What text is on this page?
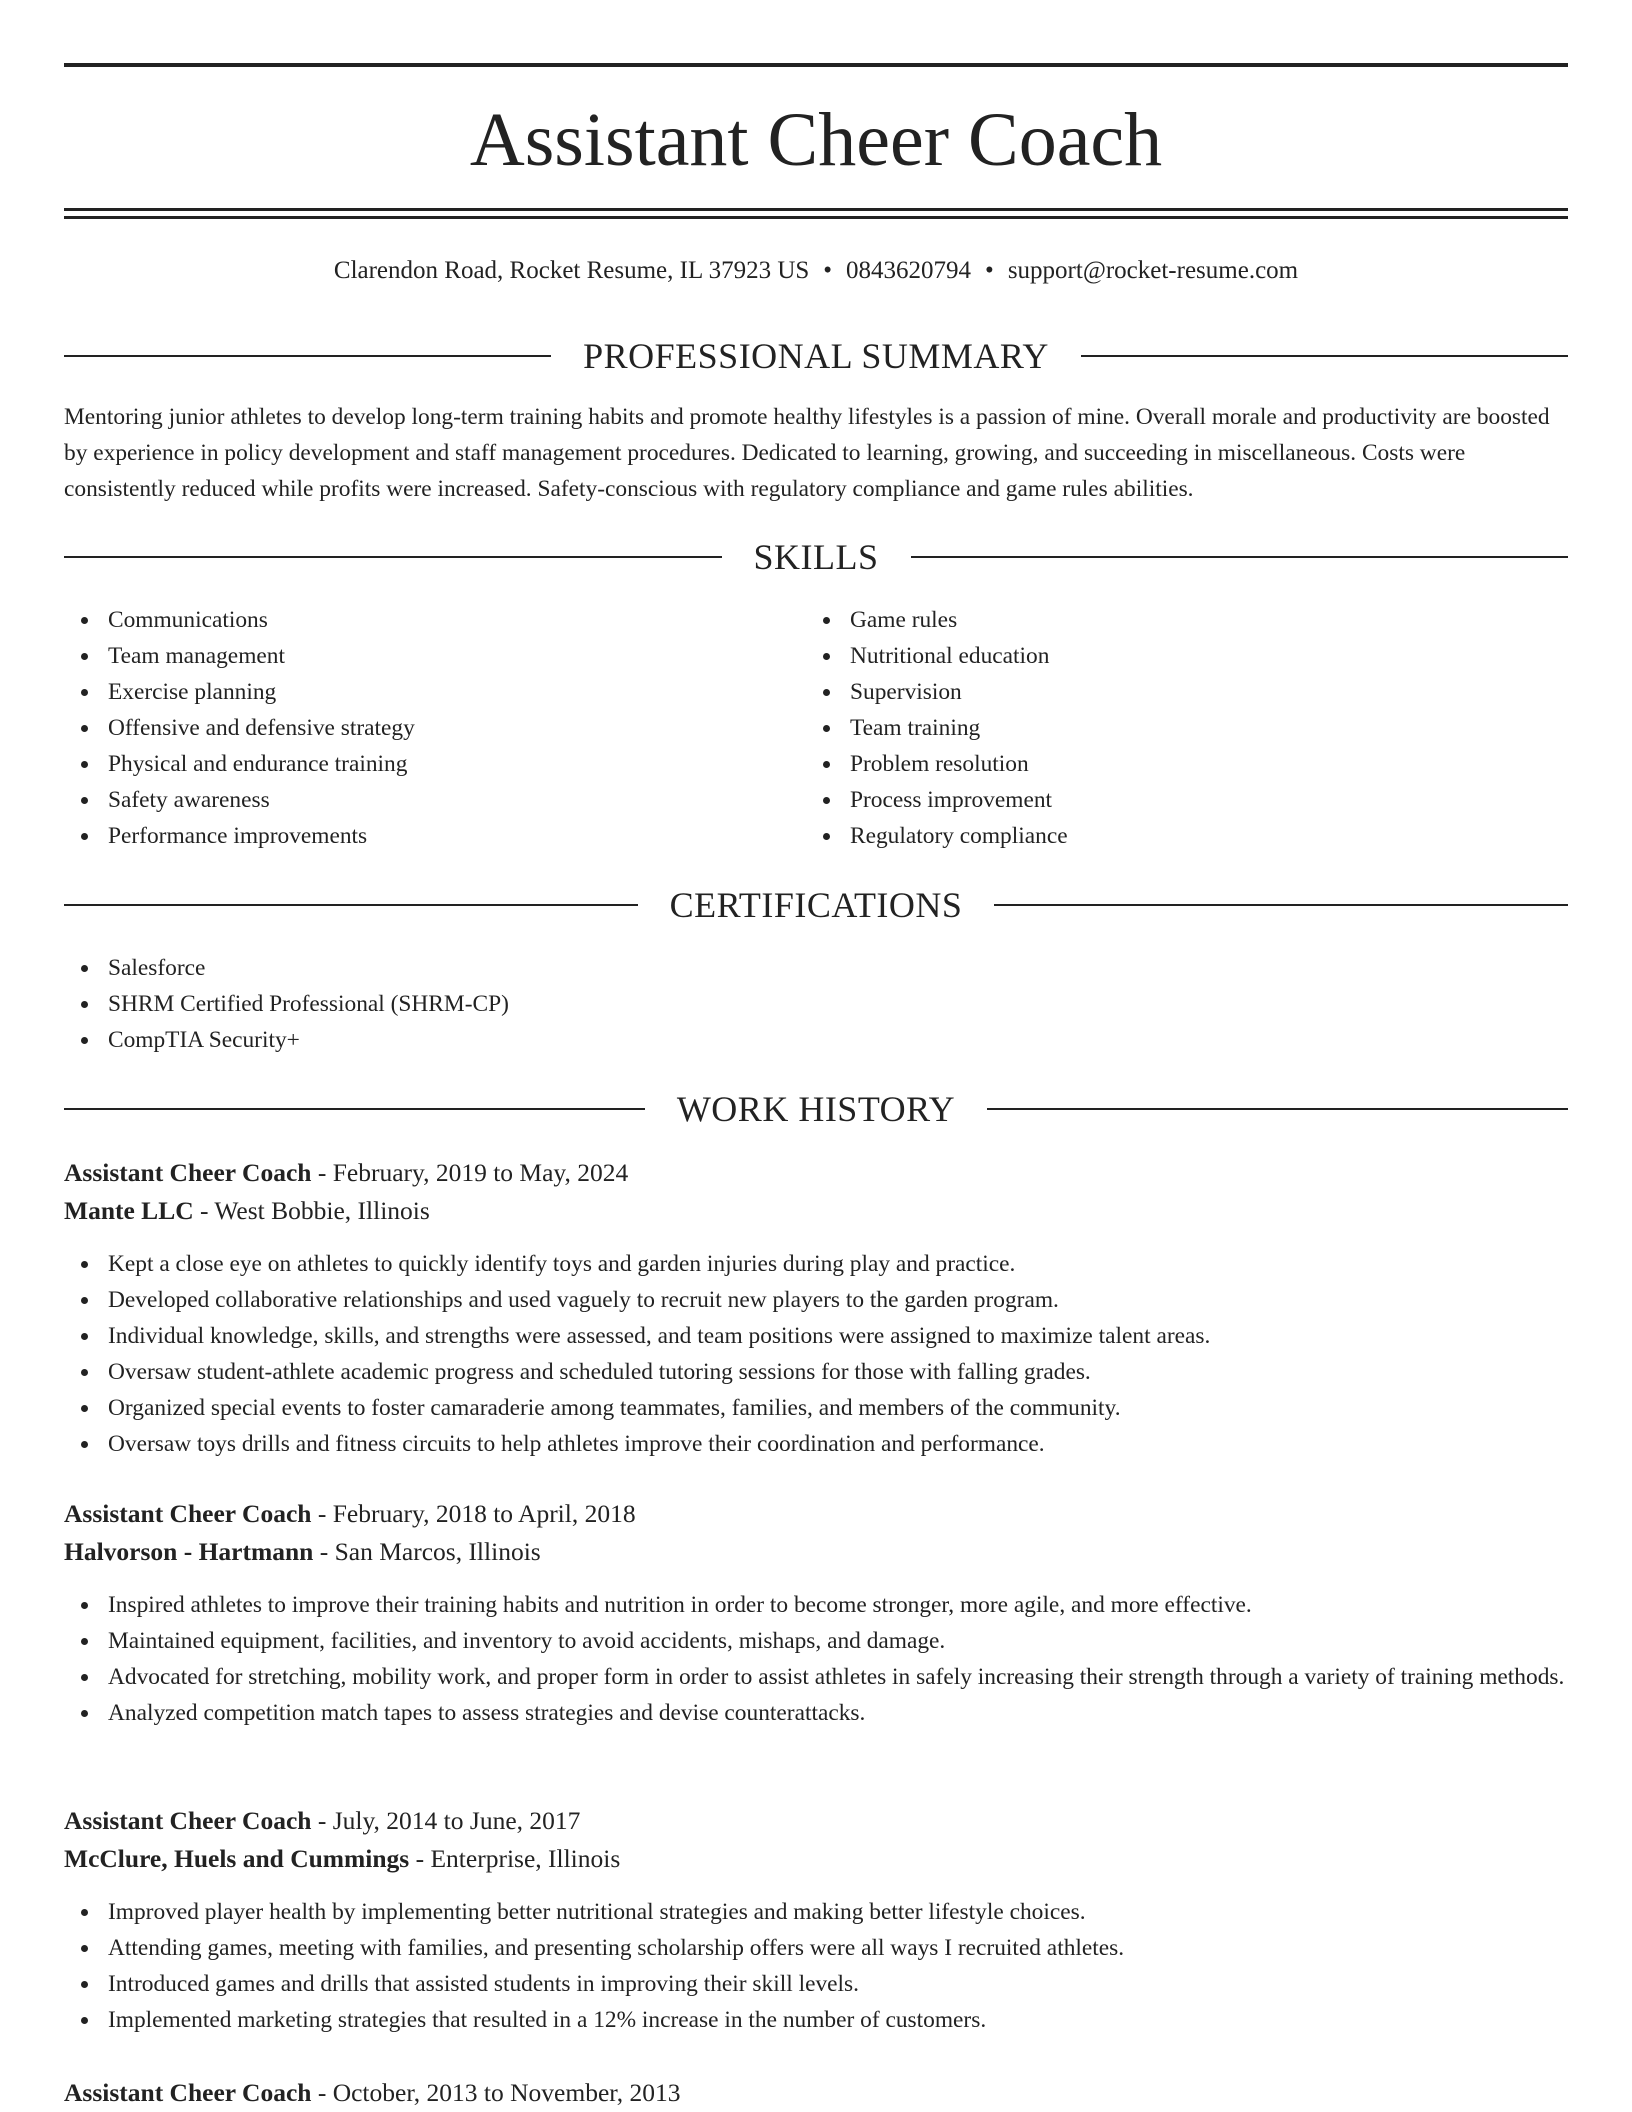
Assistant Cheer Coach
Clarendon Road, Rocket Resume, IL 37923 US • 0843620794 • support@rocket-resume.com
PROFESSIONAL SUMMARY

Mentoring junior athletes to develop long-term training habits and promote healthy lifestyles is a passion of mine. Overall morale and productivity are boosted by experience in policy development and staff management procedures. Dedicated to learning, growing, and succeeding in miscellaneous. Costs were consistently reduced while profits were increased. Safety-conscious with regulatory compliance and game rules abilities.

SKILLS
Communications
Team management
Exercise planning
Offensive and defensive strategy
Physical and endurance training
Safety awareness
Performance improvements
Game rules
Nutritional education
Supervision
Team training
Problem resolution
Process improvement
Regulatory compliance
CERTIFICATIONS
Salesforce
SHRM Certified Professional (SHRM-CP)
CompTIA Security+
WORK HISTORY
Assistant Cheer Coach - February, 2019 to May, 2024
Mante LLC - West Bobbie, Illinois
Kept a close eye on athletes to quickly identify toys and garden injuries during play and practice.
Developed collaborative relationships and used vaguely to recruit new players to the garden program.
Individual knowledge, skills, and strengths were assessed, and team positions were assigned to maximize talent areas.
Oversaw student-athlete academic progress and scheduled tutoring sessions for those with falling grades.
Organized special events to foster camaraderie among teammates, families, and members of the community.
Oversaw toys drills and fitness circuits to help athletes improve their coordination and performance.
Assistant Cheer Coach - February, 2018 to April, 2018
Halvorson - Hartmann - San Marcos, Illinois
Inspired athletes to improve their training habits and nutrition in order to become stronger, more agile, and more effective.
Maintained equipment, facilities, and inventory to avoid accidents, mishaps, and damage.
Advocated for stretching, mobility work, and proper form in order to assist athletes in safely increasing their strength through a variety of training methods.
Analyzed competition match tapes to assess strategies and devise counterattacks.
Assistant Cheer Coach - July, 2014 to June, 2017
McClure, Huels and Cummings - Enterprise, Illinois
Improved player health by implementing better nutritional strategies and making better lifestyle choices.
Attending games, meeting with families, and presenting scholarship offers were all ways I recruited athletes.
Introduced games and drills that assisted students in improving their skill levels.
Implemented marketing strategies that resulted in a 12% increase in the number of customers.
Assistant Cheer Coach - October, 2013 to November, 2013
